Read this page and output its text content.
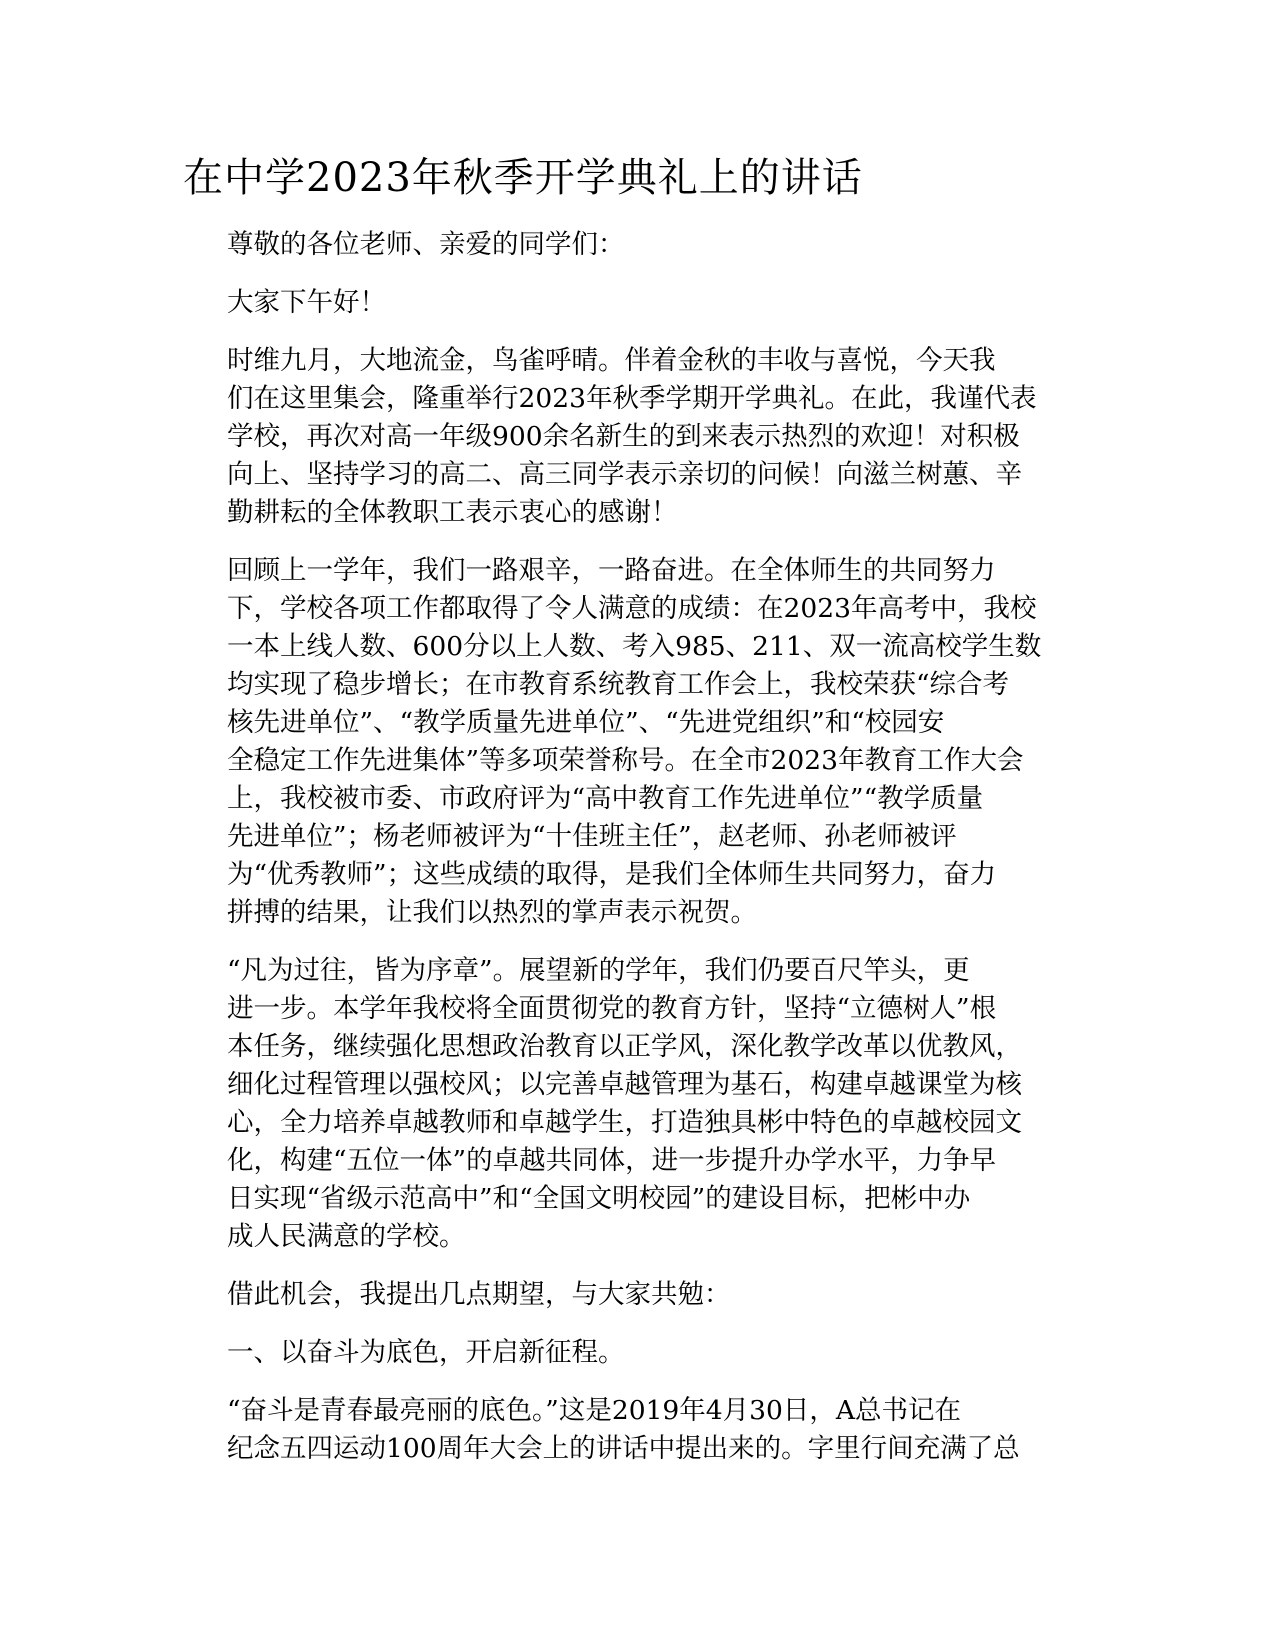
在中学2023年秋季开学典礼上的讲话

尊敬的各位老师、亲爱的同学们：

大家下午好！

时维九月，大地流金，鸟雀呼晴。伴着金秋的丰收与喜悦，今天我
们在这里集会，隆重举行2023年秋季学期开学典礼。在此，我谨代表
学校，再次对高一年级900余名新生的到来表示热烈的欢迎！对积极
向上、坚持学习的高二、高三同学表示亲切的问候！向滋兰树蕙、辛
勤耕耘的全体教职工表示衷心的感谢！

回顾上一学年，我们一路艰辛，一路奋进。在全体师生的共同努力
下，学校各项工作都取得了令人满意的成绩：在2023年高考中，我校
一本上线人数、600分以上人数、考入985、211、双一流高校学生数
均实现了稳步增长；在市教育系统教育工作会上，我校荣获“综合考
核先进单位”、“教学质量先进单位”、“先进党组织”和“校园安
全稳定工作先进集体”等多项荣誉称号。在全市2023年教育工作大会
上，我校被市委、市政府评为“高中教育工作先进单位”“教学质量
先进单位”；杨老师被评为“十佳班主任”，赵老师、孙老师被评
为“优秀教师”；这些成绩的取得，是我们全体师生共同努力，奋力
拼搏的结果，让我们以热烈的掌声表示祝贺。

“凡为过往，皆为序章”。展望新的学年，我们仍要百尺竿头，更
进一步。本学年我校将全面贯彻党的教育方针，坚持“立德树人”根
本任务，继续强化思想政治教育以正学风，深化教学改革以优教风，
细化过程管理以强校风；以完善卓越管理为基石，构建卓越课堂为核
心，全力培养卓越教师和卓越学生，打造独具彬中特色的卓越校园文
化，构建“五位一体”的卓越共同体，进一步提升办学水平，力争早
日实现“省级示范高中”和“全国文明校园”的建设目标，把彬中办
成人民满意的学校。

借此机会，我提出几点期望，与大家共勉：

一、以奋斗为底色，开启新征程。

“奋斗是青春最亮丽的底色。”这是2019年4月30日，A总书记在
纪念五四运动100周年大会上的讲话中提出来的。字里行间充满了总
